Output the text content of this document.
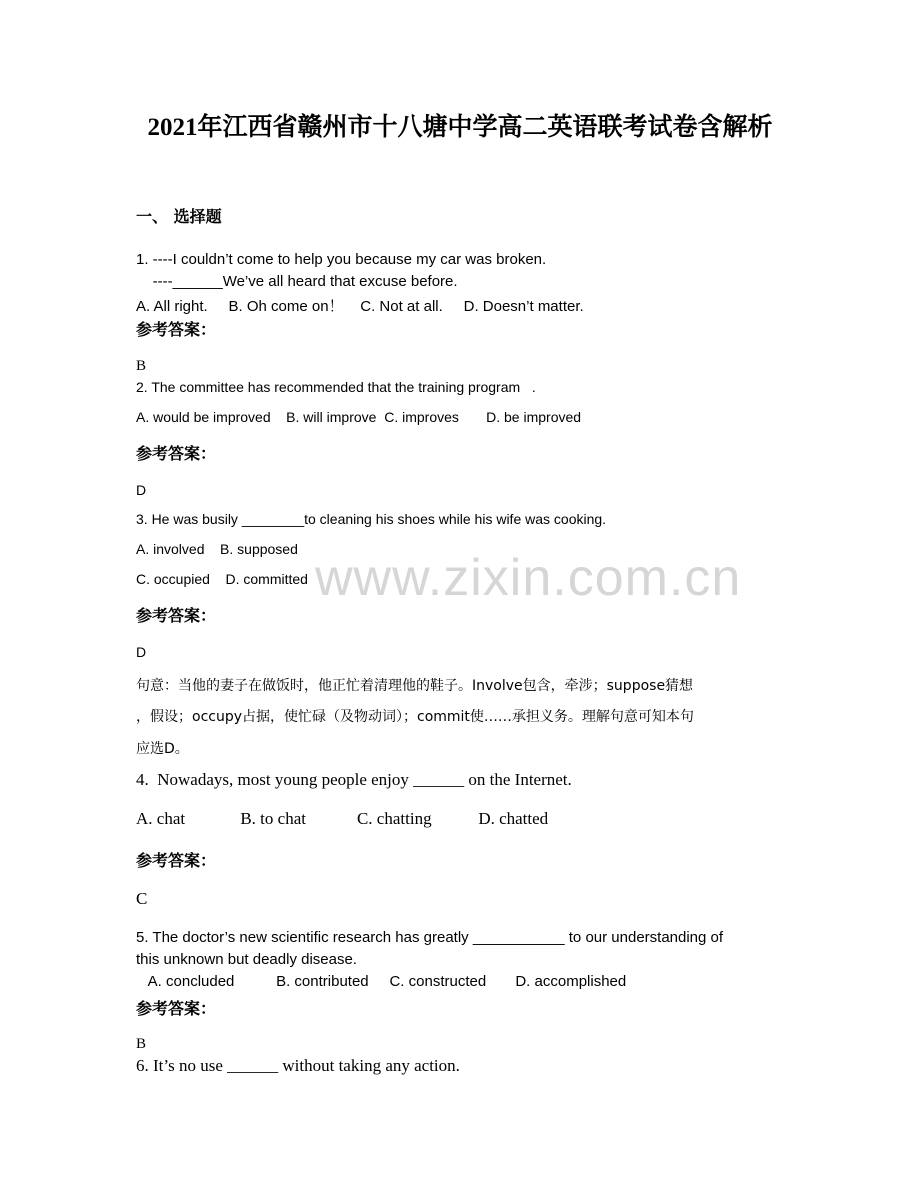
2021年江西省赣州市十八塘中学高二英语联考试卷含解析
一、 选择题
1. ----I couldn’t come to help you because my car was broken.
----______We’ve all heard that excuse before.
A. All right.     B. Oh come on！    C. Not at all.     D. Doesn’t matter.
参考答案：
B
2. The committee has recommended that the training program   .
A. would be improved    B. will improve  C. improves       D. be improved
参考答案：
D
3. He was busily ________to cleaning his shoes while his wife was cooking.
A. involved    B. supposed
C. occupied    D. committed
参考答案：
D
句意：当他的妻子在做饭时，他正忙着清理他的鞋子。Involve包含，牵涉；suppose猜想
，假设；occupy占据，使忙碌（及物动词）；commit使……承担义务。理解句意可知本句
应选D。
4.  Nowadays, most young people enjoy ______ on the Internet.
A. chat             B. to chat            C. chatting           D. chatted
参考答案：
C
5. The doctor’s new scientific research has greatly ___________ to our understanding of
this unknown but deadly disease.
A. concluded          B. contributed     C. constructed       D. accomplished
参考答案：
B
6. It’s no use ______ without taking any action.
www.zixin.com.cn
